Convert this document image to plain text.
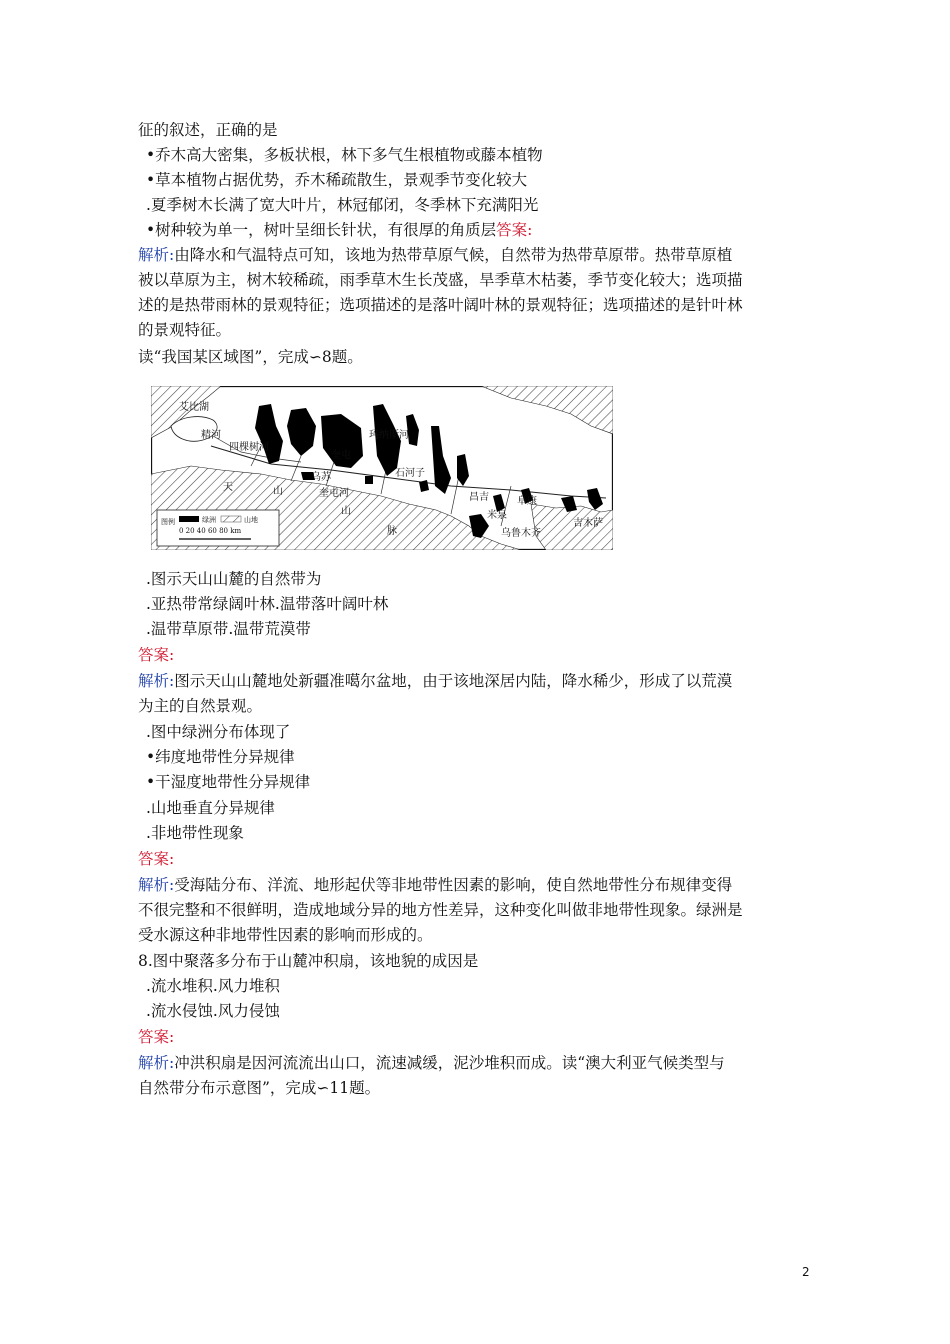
征的叙述，正确的是
•乔木高大密集，多板状根，林下多气生根植物或藤本植物
•草本植物占据优势，乔木稀疏散生，景观季节变化较大
.夏季树木长满了宽大叶片，林冠郁闭，冬季林下充满阳光
•树种较为单一，树叶呈细长针状，有很厚的角质层答案:
解析:由降水和气温特点可知，该地为热带草原气候，自然带为热带草原带。热带草原植
被以草原为主，树木较稀疏，雨季草木生长茂盛，旱季草木枯萎，季节变化较大；选项描
述的是热带雨林的景观特征；选项描述的是落叶阔叶林的景观特征；选项描述的是针叶林
的景观特征。
读“我国某区域图”，完成∽8题。
艾比湖
精河
四棵树河
奎屯
乌苏
奎屯河
玛纳斯河
石河子
昌吉	阜康
米泉
乌鲁木齐
吉木萨
天	山
山
脉
图例	绿洲	山地
0 20 40 60 80 km
.图示天山山麓的自然带为
.亚热带常绿阔叶林.温带落叶阔叶林
.温带草原带.温带荒漠带
答案:
解析:图示天山山麓地处新疆准噶尔盆地，由于该地深居内陆，降水稀少，形成了以荒漠
为主的自然景观。
.图中绿洲分布体现了
•纬度地带性分异规律
•干湿度地带性分异规律
.山地垂直分异规律
.非地带性现象
答案:
解析:受海陆分布、洋流、地形起伏等非地带性因素的影响，使自然地带性分布规律变得
不很完整和不很鲜明，造成地域分异的地方性差异，这种变化叫做非地带性现象。绿洲是
受水源这种非地带性因素的影响而形成的。
8.图中聚落多分布于山麓冲积扇，该地貌的成因是
.流水堆积.风力堆积
.流水侵蚀.风力侵蚀
答案:
解析:冲洪积扇是因河流流出山口，流速减缓，泥沙堆积而成。读“澳大利亚气候类型与
自然带分布示意图”，完成∽11题。
2
